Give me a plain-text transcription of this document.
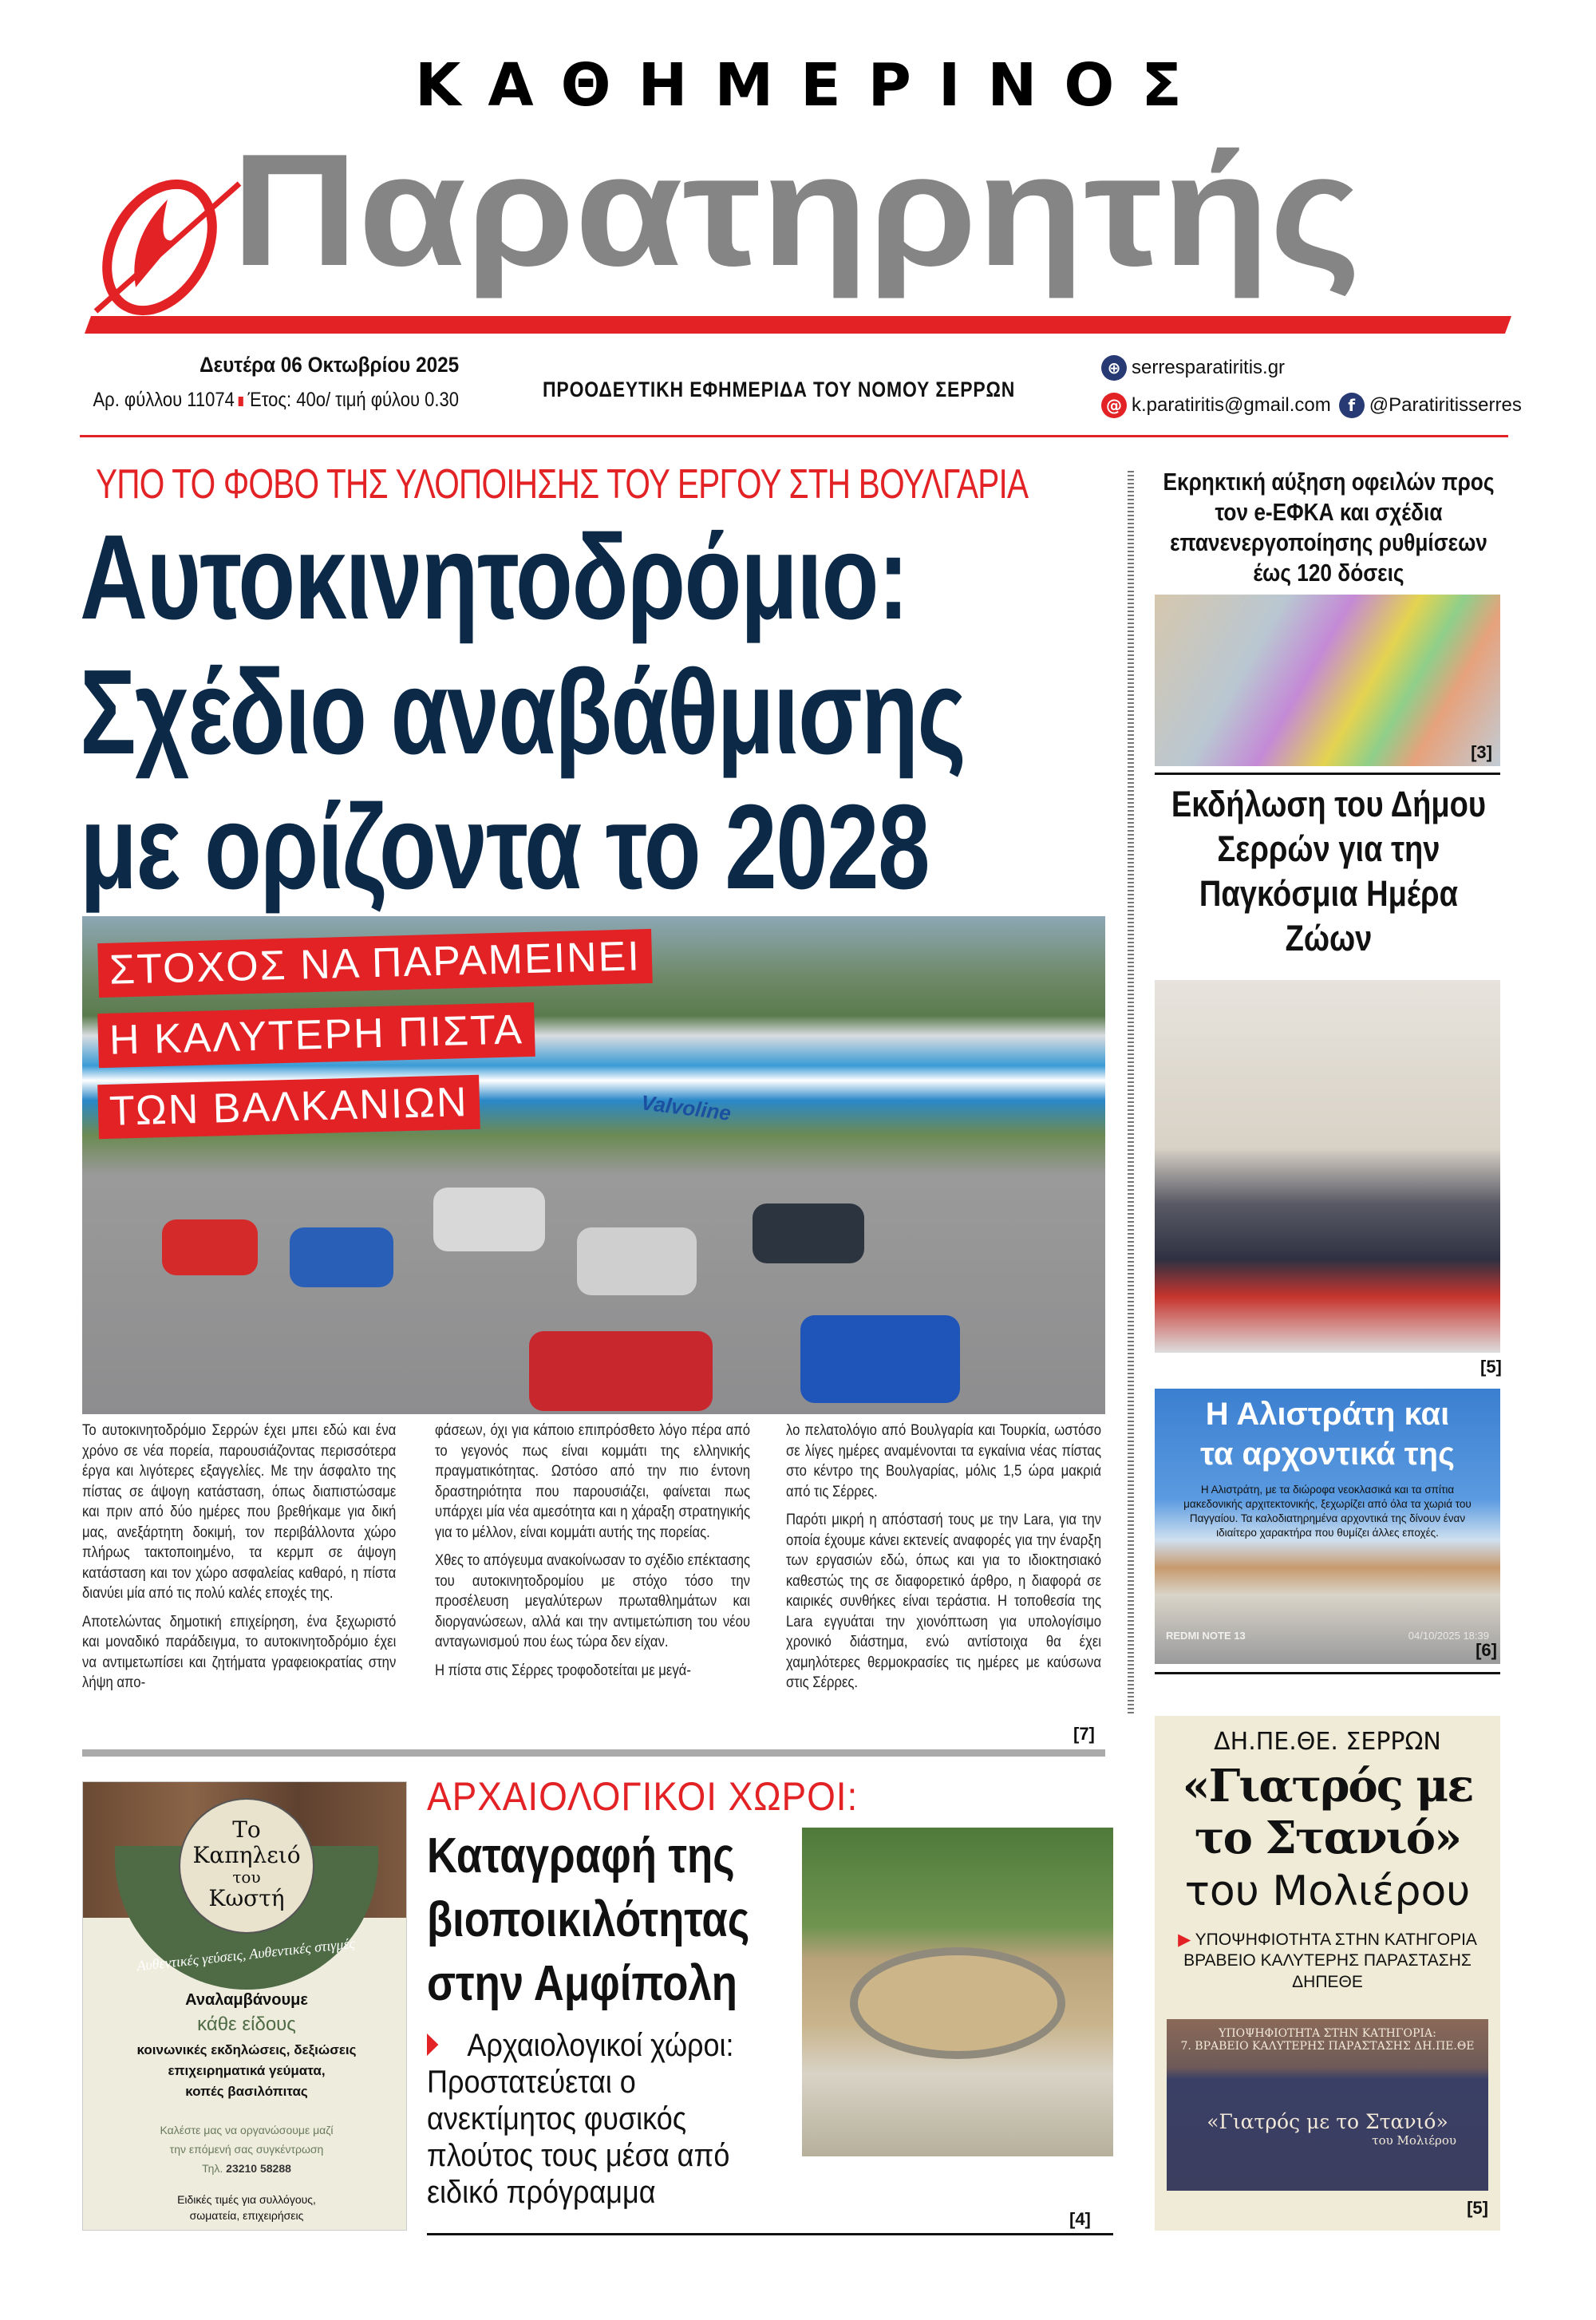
ΚΑΘΗΜΕΡΙΝΟΣ
Παρατηρητής
Δευτέρα 06 Οκτωβρίου 2025
Αρ. φύλλου 11074 Έτος: 40ο/ τιμή φύλου 0.30	ΠΡΟΟΔΕΥΤΙΚΗ ΕΦΗΜΕΡΙΔΑ ΤΟΥ ΝΟΜΟΥ ΣΕΡΡΩΝ
⊕ serresparatiritis.gr
@ k.paratiritis@gmail.com	f @Paratiritisserres
ΥΠΟ ΤΟ ΦΟΒΟ ΤΗΣ ΥΛΟΠΟΙΗΣΗΣ ΤΟΥ ΕΡΓΟΥ ΣΤΗ ΒΟΥΛΓΑΡΙΑ
Αυτοκινητοδρόμιο:
Σχέδιο αναβάθμισης
με ορίζοντα το 2028
Valvoline
ΣΤΟΧΟΣ ΝΑ ΠΑΡΑΜΕΙΝΕΙ
Η ΚΑΛΥΤΕΡΗ ΠΙΣΤΑ
ΤΩΝ ΒΑΛΚΑΝΙΩΝ

Το αυτοκινητοδρόμιο Σερρών έχει μπει εδώ και ένα χρόνο σε νέα πορεία, παρουσιάζοντας περισσότερα έργα και λιγότερες εξαγγελίες. Με την άσφαλτο της πίστας σε άψογη κατάσταση, όπως διαπιστώσαμε και πριν από δύο ημέρες που βρεθήκαμε για δική μας, ανεξάρτητη δοκιμή, τον περιβάλλοντα χώρο πλήρως τακτοποιημένο, τα κερμπ σε άψογη κατάσταση και τον χώρο ασφαλείας καθαρό, η πίστα διανύει μία από τις πολύ καλές εποχές της.

Αποτελώντας δημοτική επιχείρηση, ένα ξεχωριστό και μοναδικό παράδειγμα, το αυτοκινητοδρόμιο έχει να αντιμετωπίσει και ζητήματα γραφειοκρατίας στην λήψη απο-

φάσεων, όχι για κάποιο επιπρόσθετο λόγο πέρα από το γεγονός πως είναι κομμάτι της ελληνικής πραγματικότητας. Ωστόσο από την πιο έντονη δραστηριότητα που παρουσιάζει, φαίνεται πως υπάρχει μία νέα αμεσότητα και η χάραξη στρατηγικής για το μέλλον, είναι κομμάτι αυτής της πορείας.

Χθες το απόγευμα ανακοίνωσαν το σχέδιο επέκτασης του αυτοκινητοδρομίου με στόχο τόσο την προσέλευση μεγαλύτερων πρωταθλημάτων και διοργανώσεων, αλλά και την αντιμετώπιση του νέου ανταγωνισμού που έως τώρα δεν είχαν.

Η πίστα στις Σέρρες τροφοδοτείται με μεγά-

λο πελατολόγιο από Βουλγαρία και Τουρκία, ωστόσο σε λίγες ημέρες αναμένονται τα εγκαίνια νέας πίστας στο κέντρο της Βουλγαρίας, μόλις 1,5 ώρα μακριά από τις Σέρρες.

Παρότι μικρή η απόστασή τους με την Lara, για την οποία έχουμε κάνει εκτενείς αναφορές για την έναρξη των εργασιών εδώ, όπως και για το ιδιοκτησιακό καθεστώς της σε διαφορετικό άρθρο, η διαφορά σε καιρικές συνθήκες είναι τεράστια. Η τοποθεσία της Lara εγγυάται την χιονόπτωση για υπολογίσιμο χρονικό διάστημα, ενώ αντίστοιχα θα έχει χαμηλότερες θερμοκρασίες τις ημέρες με καύσωνα στις Σέρρες.

[7]
Το
Καπηλειό
του
Κωστή
Αυθεντικές γεύσεις, Αυθεντικές στιγμές
Αναλαμβάνουμε
κάθε είδους
κοινωνικές εκδηλώσεις, δεξιώσεις
επιχειρηματικά γεύματα,
κοπές βασιλόπιτας
Καλέστε μας να οργανώσουμε μαζί
την επόμενή σας συγκέντρωση
Τηλ. 23210 58288
Ειδικές τιμές για συλλόγους,
σωματεία, επιχειρήσεις
ΑΡΧΑΙΟΛΟΓΙΚΟΙ ΧΩΡΟΙ:
Καταγραφή της
βιοποικιλότητας
στην Αμφίπολη
Αρχαιολογικοί χώροι: Προστατεύεται ο ανεκτίμητος φυσικός πλούτος τους μέσα από ειδικό πρόγραμμα
[4]
Εκρηκτική αύξηση οφειλών προς τον e-ΕΦΚΑ και σχέδια επανενεργοποίησης ρυθμίσεων έως 120 δόσεις
[3]
Εκδήλωση του Δήμου Σερρών για την Παγκόσμια Ημέρα Ζώων
[5]
Η Αλιστράτη και
τα αρχοντικά της
Η Αλιστράτη, με τα διώροφα νεοκλασικά και τα σπίτια μακεδονικής αρχιτεκτονικής, ξεχωρίζει από όλα τα χωριά του Παγγαίου. Τα καλοδιατηρημένα αρχοντικά της δίνουν έναν ιδιαίτερο χαρακτήρα που θυμίζει άλλες εποχές.
REDMI NOTE 13	04/10/2025 18:39
[6]
ΔΗ.ΠΕ.ΘΕ. ΣΕΡΡΩΝ
«Γιατρός με
το Στανιό»
του Μολιέρου
▶ ΥΠΟΨΗΦΙΟΤΗΤΑ ΣΤΗΝ ΚΑΤΗΓΟΡΙΑ
ΒΡΑΒΕΙΟ ΚΑΛΥΤΕΡΗΣ ΠΑΡΑΣΤΑΣΗΣ
ΔΗΠΕΘΕ
ΥΠΟΨΗΦΙΟΤΗΤΑ ΣΤΗΝ ΚΑΤΗΓΟΡΙΑ:
7. ΒΡΑΒΕΙΟ ΚΑΛΥΤΕΡΗΣ ΠΑΡΑΣΤΑΣΗΣ ΔΗ.ΠΕ.ΘΕ
«Γιατρός με το Στανιό»
του Μολιέρου
[5]
